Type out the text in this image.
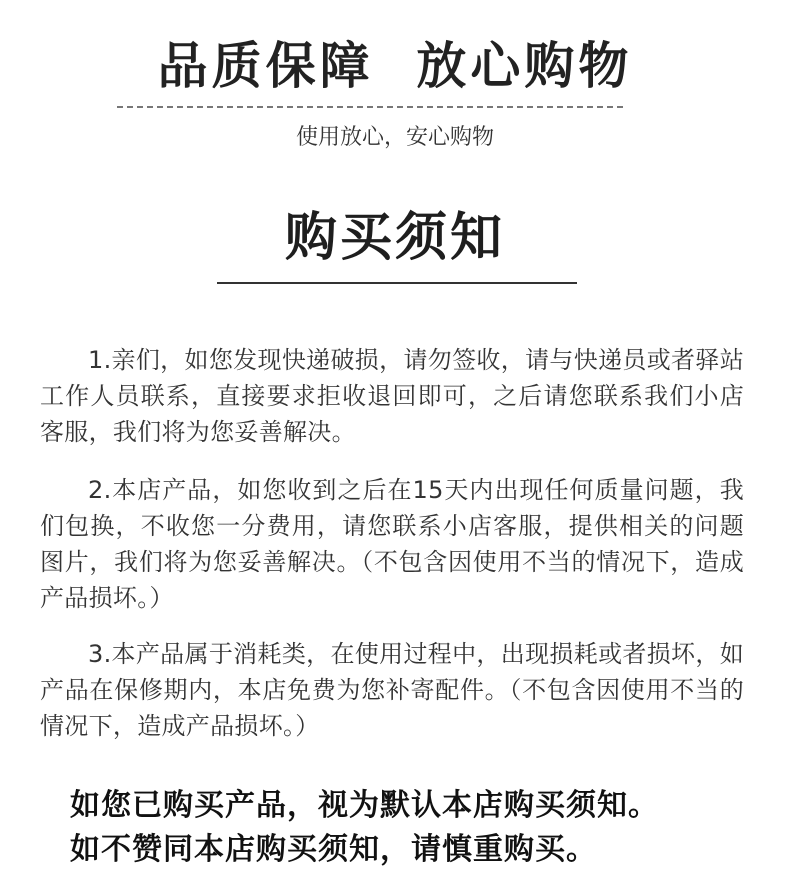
品质保障  放心购物
使用放心，安心购物
购买须知
1.亲们，如您发现快递破损，请勿签收，请与快递员或者驿站工作人员联系，直接要求拒收退回即可，之后请您联系我们小店客服，我们将为您妥善解决。
2.本店产品，如您收到之后在15天内出现任何质量问题，我们包换，不收您一分费用，请您联系小店客服，提供相关的问题图片，我们将为您妥善解决。（不包含因使用不当的情况下，造成产品损坏。）
3.本产品属于消耗类，在使用过程中，出现损耗或者损坏，如产品在保修期内，本店免费为您补寄配件。（不包含因使用不当的情况下，造成产品损坏。）
如您已购买产品，视为默认本店购买须知。
如不赞同本店购买须知，请慎重购买。
